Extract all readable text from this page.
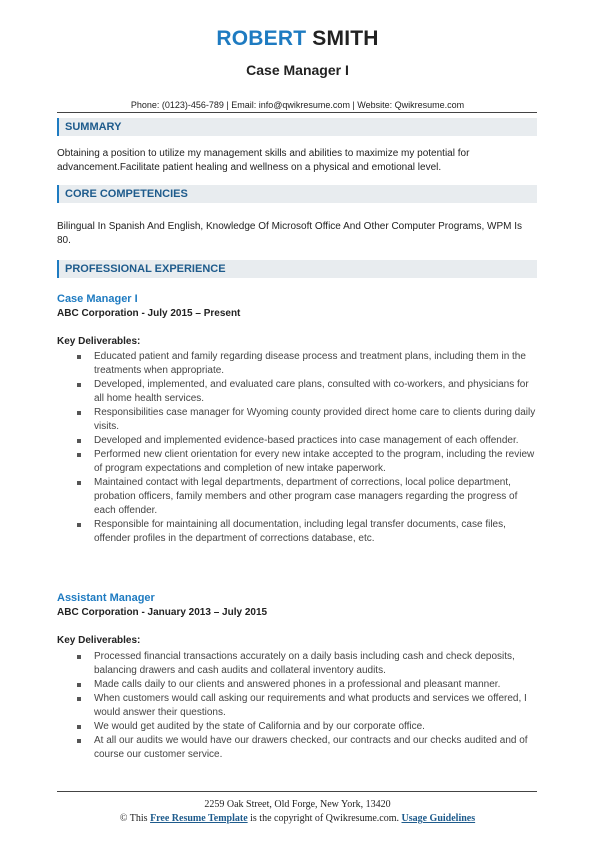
ROBERT SMITH
Case Manager I
Phone: (0123)-456-789 | Email: info@qwikresume.com | Website: Qwikresume.com
SUMMARY
Obtaining a position to utilize my management skills and abilities to maximize my potential for advancement.Facilitate patient healing and wellness on a physical and emotional level.
CORE COMPETENCIES
Bilingual In Spanish And English, Knowledge Of Microsoft Office And Other Computer Programs, WPM Is 80.
PROFESSIONAL EXPERIENCE
Case Manager I
ABC Corporation - July 2015 – Present
Key Deliverables:
Educated patient and family regarding disease process and treatment plans, including them in the treatments when appropriate.
Developed, implemented, and evaluated care plans, consulted with co-workers, and physicians for all home health services.
Responsibilities case manager for Wyoming county provided direct home care to clients during daily visits.
Developed and implemented evidence-based practices into case management of each offender.
Performed new client orientation for every new intake accepted to the program, including the review of program expectations and completion of new intake paperwork.
Maintained contact with legal departments, department of corrections, local police department, probation officers, family members and other program case managers regarding the progress of each offender.
Responsible for maintaining all documentation, including legal transfer documents, case files, offender profiles in the department of corrections database, etc.
Assistant Manager
ABC Corporation - January 2013 – July 2015
Key Deliverables:
Processed financial transactions accurately on a daily basis including cash and check deposits, balancing drawers and cash audits and collateral inventory audits.
Made calls daily to our clients and answered phones in a professional and pleasant manner.
When customers would call asking our requirements and what products and services we offered, I would answer their questions.
We would get audited by the state of California and by our corporate office.
At all our audits we would have our drawers checked, our contracts and our checks audited and of course our customer service.
2259 Oak Street, Old Forge, New York, 13420
© This Free Resume Template is the copyright of Qwikresume.com. Usage Guidelines
